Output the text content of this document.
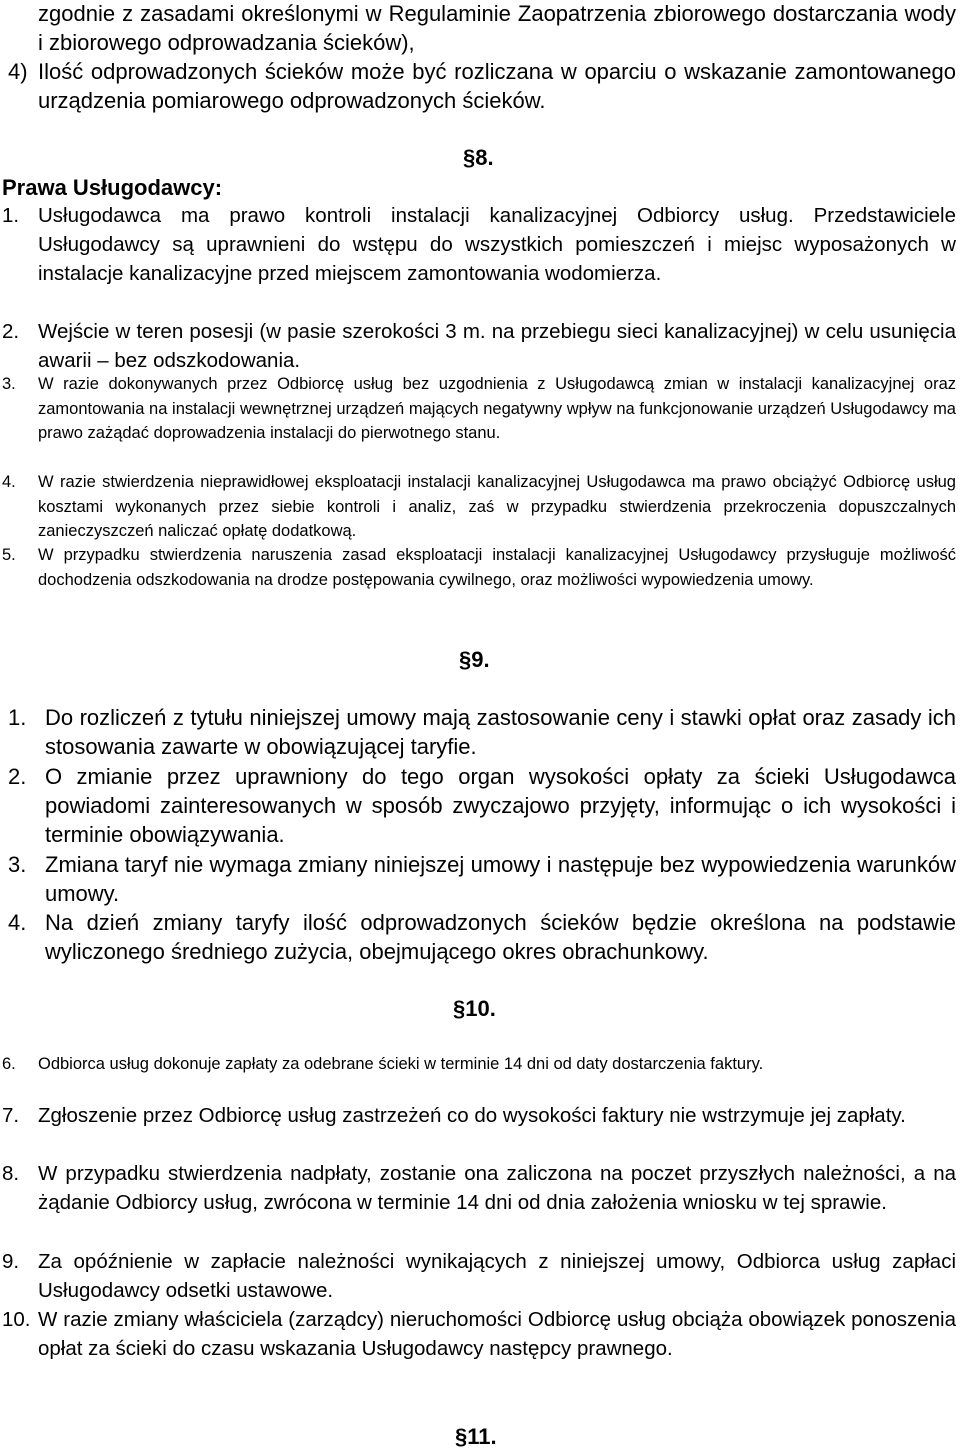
zgodnie z zasadami określonymi w Regulaminie Zaopatrzenia zbiorowego dostarczania wody i zbiorowego odprowadzania ścieków),
4) Ilość odprowadzonych ścieków może być rozliczana w oparciu o wskazanie zamontowanego urządzenia pomiarowego odprowadzonych ścieków.
§8.
Prawa Usługodawcy:
1. Usługodawca ma prawo kontroli instalacji kanalizacyjnej Odbiorcy usług. Przedstawiciele Usługodawcy są uprawnieni do wstępu do wszystkich pomieszczeń i miejsc wyposażonych w instalacje kanalizacyjne przed miejscem zamontowania wodomierza.
2. Wejście w teren posesji (w pasie szerokości 3 m. na przebiegu sieci kanalizacyjnej) w celu usunięcia awarii – bez odszkodowania.
3.	W razie dokonywanych przez Odbiorcę usług bez uzgodnienia z Usługodawcą zmian w instalacji kanalizacyjnej oraz zamontowania na instalacji wewnętrznej urządzeń mających negatywny wpływ na funkcjonowanie urządzeń Usługodawcy ma prawo zażądać doprowadzenia instalacji do pierwotnego stanu.
4.	W razie stwierdzenia nieprawidłowej eksploatacji instalacji kanalizacyjnej Usługodawca ma prawo obciążyć Odbiorcę usług kosztami wykonanych przez siebie kontroli i analiz, zaś w przypadku stwierdzenia przekroczenia dopuszczalnych zanieczyszczeń naliczać opłatę dodatkową.
5.	W przypadku stwierdzenia naruszenia zasad eksploatacji instalacji kanalizacyjnej Usługodawcy przysługuje możliwość dochodzenia odszkodowania na drodze postępowania cywilnego, oraz możliwości wypowiedzenia umowy.
§9.
1. Do rozliczeń z tytułu niniejszej umowy mają zastosowanie ceny i stawki opłat oraz zasady ich stosowania zawarte w obowiązującej taryfie.
2. O zmianie przez uprawniony do tego organ wysokości opłaty za ścieki Usługodawca powiadomi zainteresowanych w sposób zwyczajowo przyjęty, informując o ich wysokości i terminie obowiązywania.
3. Zmiana taryf nie wymaga zmiany niniejszej umowy i następuje bez wypowiedzenia warunków umowy.
4. Na dzień zmiany taryfy ilość odprowadzonych ścieków będzie określona na podstawie wyliczonego średniego zużycia, obejmującego okres obrachunkowy.
§10.
6.	Odbiorca usług dokonuje zapłaty za odebrane ścieki w terminie 14 dni od daty dostarczenia faktury.
7. Zgłoszenie przez Odbiorcę usług zastrzeżeń co do wysokości faktury nie wstrzymuje jej zapłaty.
8. W przypadku stwierdzenia nadpłaty, zostanie ona zaliczona na poczet przyszłych należności, a na żądanie Odbiorcy usług, zwrócona w terminie 14 dni od dnia założenia wniosku w tej sprawie.
9. Za opóźnienie w zapłacie należności wynikających z niniejszej umowy, Odbiorca usług zapłaci Usługodawcy odsetki ustawowe.
10. W razie zmiany właściciela (zarządcy) nieruchomości Odbiorcę usług obciąża obowiązek ponoszenia opłat za ścieki do czasu wskazania Usługodawcy następcy prawnego.
§11.
